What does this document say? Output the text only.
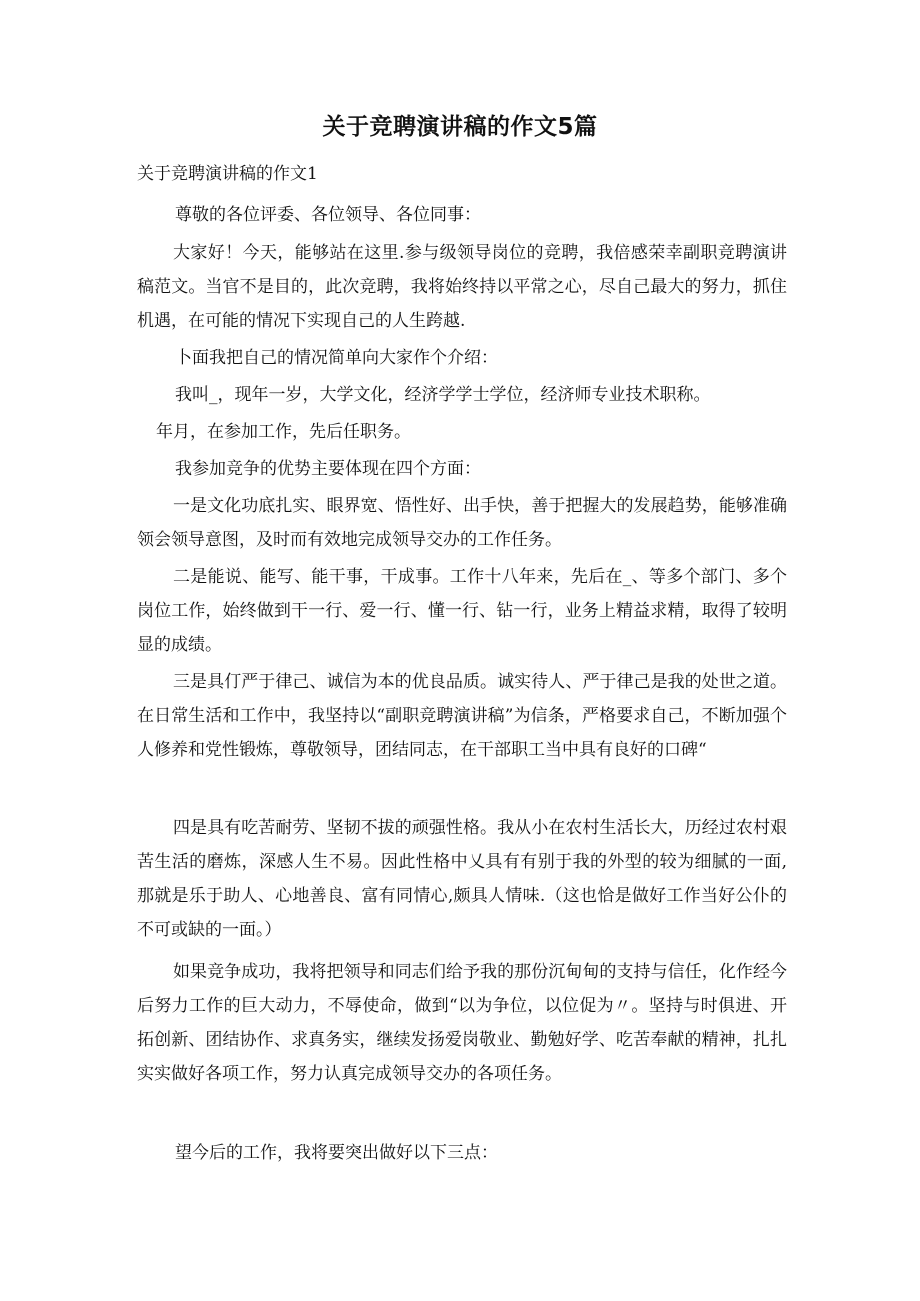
关于竞聘演讲稿的作文5篇
关于竞聘演讲稿的作文1

尊敬的各位评委、各位领导、各位同事：

大家好！今天，能够站在这里.参与级领导岗位的竞聘，我倍感荣幸副职竞聘演讲稿范文。当官不是目的，此次竞聘，我将始终持以平常之心，尽自己最大的努力，抓住机遇，在可能的情况下实现自己的人生跨越.

卜面我把自己的情况简单向大家作个介绍：

我叫_，现年一岁，大学文化，经济学学士学位，经济师专业技术职称。

年月，在参加工作，先后任职务。

我参加竞争的优势主要体现在四个方面：

一是文化功底扎实、眼界宽、悟性好、出手快，善于把握大的发展趋势，能够准确领会领导意图，及时而有效地完成领导交办的工作任务。

二是能说、能写、能干事，干成事。工作十八年来，先后在_、等多个部门、多个岗位工作，始终做到干一行、爱一行、懂一行、钻一行，业务上精益求精，取得了较明显的成绩。

三是具仃严于律己、诚信为本的优良品质。诚实待人、严于律己是我的处世之道。在日常生活和工作中，我坚持以“副职竞聘演讲稿”为信条，严格要求自己，不断加强个人修养和党性锻炼，尊敬领导，团结同志，在干部职工当中具有良好的口碑“

四是具有吃苦耐劳、坚韧不拔的顽强性格。我从小在农村生活长大，历经过农村艰苦生活的磨炼，深感人生不易。因此性格中乂具有有别于我的外型的较为细腻的一面,那就是乐于助人、心地善良、富有同情心,颇具人情味.（这也恰是做好工作当好公仆的不可或缺的一面。）

如果竞争成功，我将把领导和同志们给予我的那份沉甸甸的支持与信任，化作经今后努力工作的巨大动力，不辱使命，做到“以为争位，以位促为〃。坚持与时俱进、开拓创新、团结协作、求真务实，继续发扬爱岗敬业、勤勉好学、吃苦奉献的精神，扎扎实实做好各项工作，努力认真完成领导交办的各项任务。

望今后的工作，我将要突出做好以下三点：
